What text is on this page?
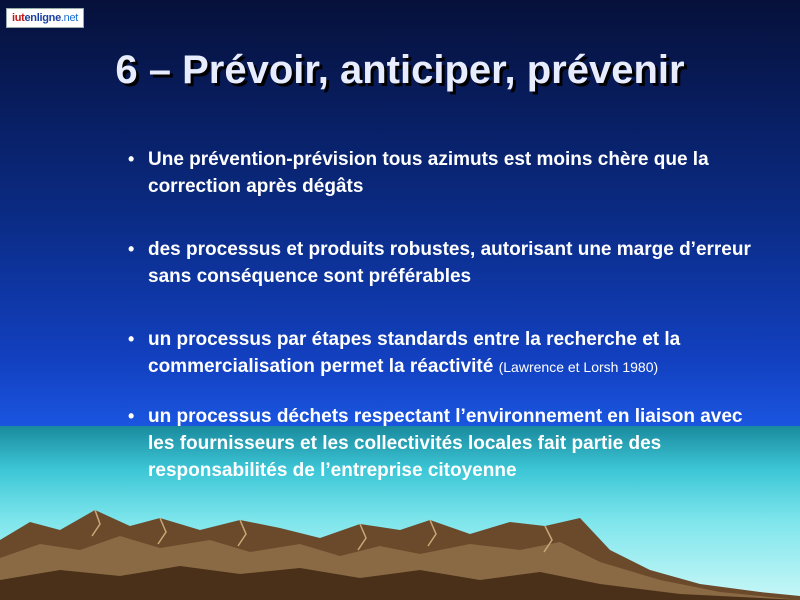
iut enligne .net
6 – Prévoir, anticiper, prévenir
• Une prévention-prévision tous azimuts est moins chère que la correction après dégâts
• des processus et produits robustes, autorisant une marge d’erreur sans conséquence sont préférables
• un processus par étapes standards entre la recherche et la commercialisation permet la réactivité (Lawrence et Lorsh 1980)
• un processus déchets respectant l’environnement en liaison avec les fournisseurs et les collectivités locales fait partie des responsabilités de l’entreprise citoyenne
